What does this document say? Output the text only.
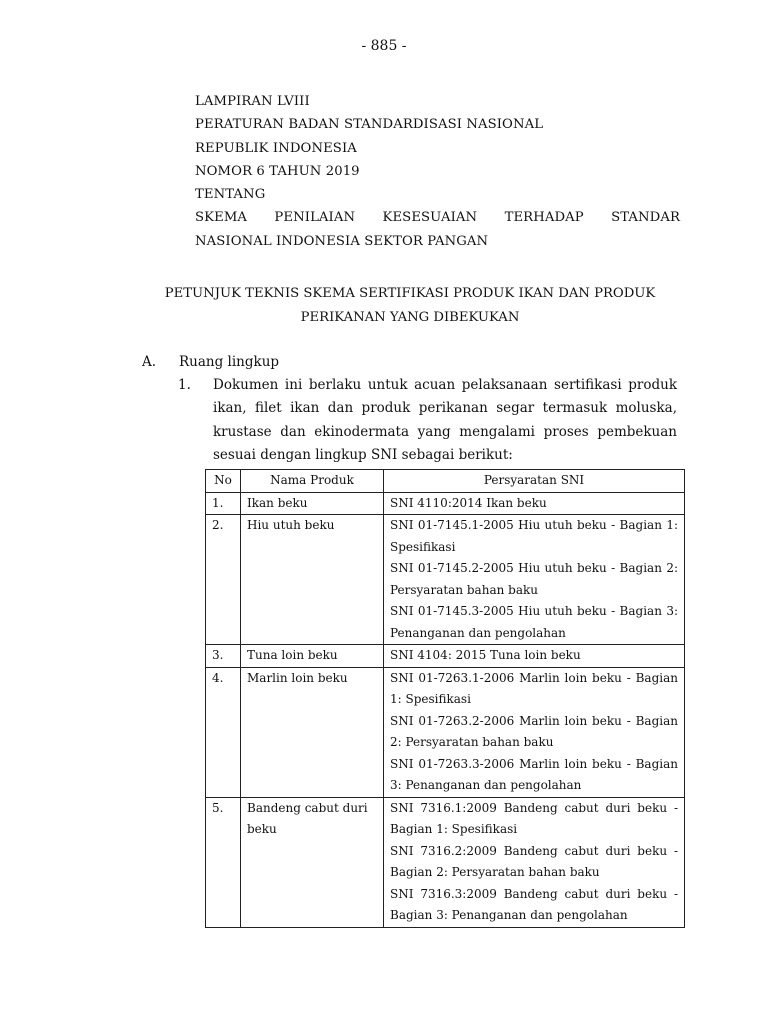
- 885 -
LAMPIRAN LVIII
PERATURAN BADAN STANDARDISASI NASIONAL
REPUBLIK INDONESIA
NOMOR 6 TAHUN 2019
TENTANG
SKEMA PENILAIAN KESESUAIAN TERHADAP STANDAR
NASIONAL INDONESIA SEKTOR PANGAN
PETUNJUK TEKNIS SKEMA SERTIFIKASI PRODUK IKAN DAN PRODUK
PERIKANAN YANG DIBEKUKAN
A. Ruang lingkup
1. Dokumen ini berlaku untuk acuan pelaksanaan sertifikasi produk ikan, filet ikan dan produk perikanan segar termasuk moluska, krustase dan ekinodermata yang mengalami proses pembekuan sesuai dengan lingkup SNI sebagai berikut:
No	Nama Produk	Persyaratan SNI
1.	Ikan beku	SNI 4110:2014 Ikan beku

2.	Hiu utuh beku	SNI 01-7145.1-2005 Hiu utuh beku - Bagian 1: Spesifikasi
SNI 01-7145.2-2005 Hiu utuh beku - Bagian 2: Persyaratan bahan baku
SNI 01-7145.3-2005 Hiu utuh beku - Bagian 3: Penanganan dan pengolahan

3.	Tuna loin beku	SNI 4104: 2015 Tuna loin beku

4.	Marlin loin beku	SNI 01-7263.1-2006 Marlin loin beku - Bagian 1: Spesifikasi
SNI 01-7263.2-2006 Marlin loin beku - Bagian 2: Persyaratan bahan baku
SNI 01-7263.3-2006 Marlin loin beku - Bagian 3: Penanganan dan pengolahan

5.	Bandeng cabut duri beku	SNI 7316.1:2009 Bandeng cabut duri beku - Bagian 1: Spesifikasi
SNI 7316.2:2009 Bandeng cabut duri beku - Bagian 2: Persyaratan bahan baku
SNI 7316.3:2009 Bandeng cabut duri beku - Bagian 3: Penanganan dan pengolahan
